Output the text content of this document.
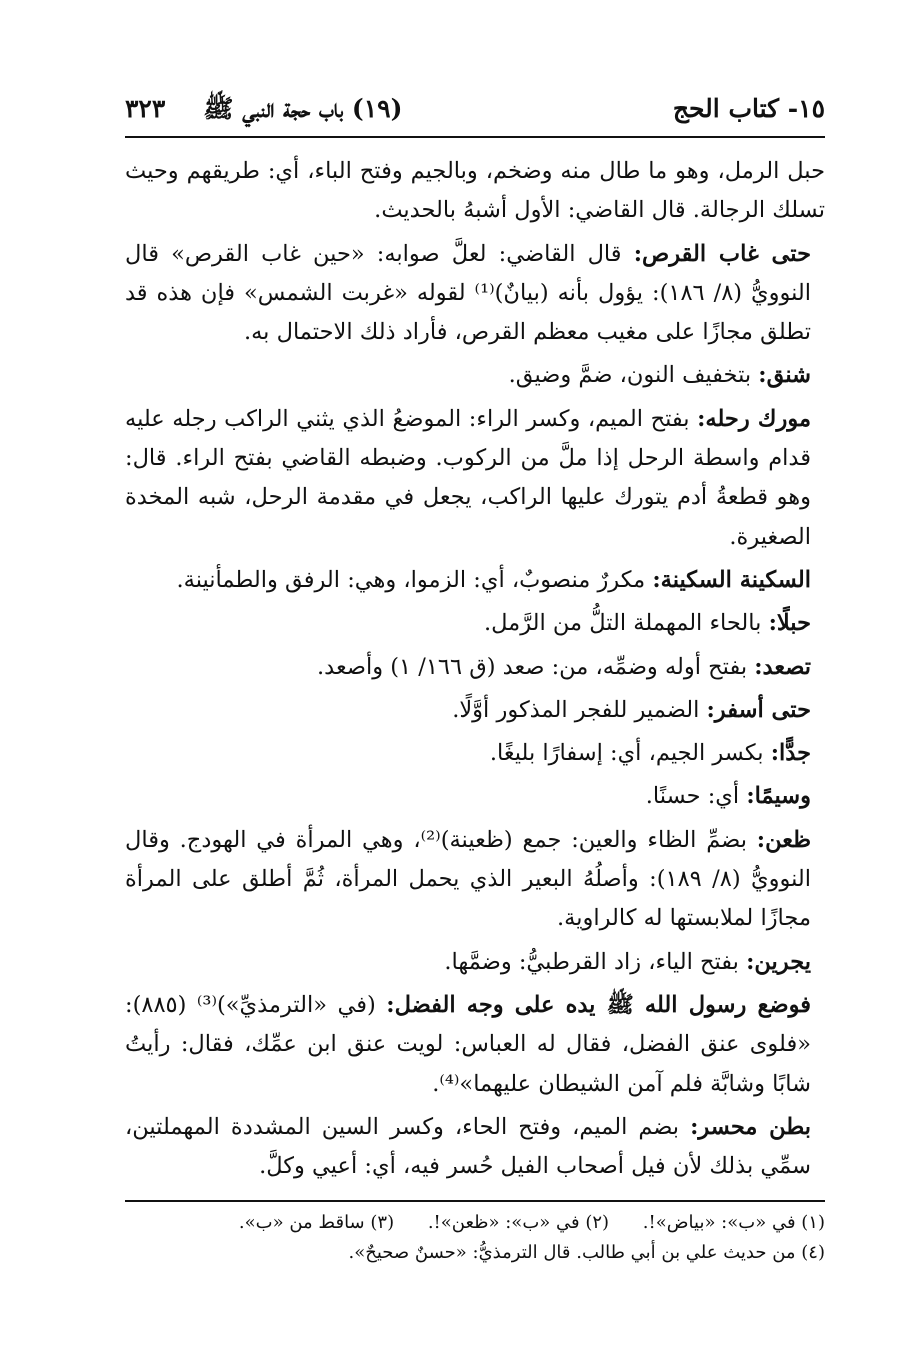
١٥- كتاب الحج
(١٩) باب حجة النبي ﷺ
٣٢٣

حبل الرمل، وهو ما طال منه وضخم، وبالجيم وفتح الباء، أي: طريقهم وحيث تسلك الرجالة. قال القاضي: الأول أشبهُ بالحديث.

حتى غاب القرص: قال القاضي: لعلَّ صوابه: «حين غاب القرص» قال النوويُّ (٨/ ١٨٦): يؤول بأنه (بيانٌ)⁽¹⁾ لقوله «غربت الشمس» فإن هذه قد تطلق مجازًا على مغيب معظم القرص، فأراد ذلك الاحتمال به.

شنق: بتخفيف النون، ضمَّ وضيق.

مورك رحله: بفتح الميم، وكسر الراء: الموضعُ الذي يثني الراكب رجله عليه قدام واسطة الرحل إذا ملَّ من الركوب. وضبطه القاضي بفتح الراء. قال: وهو قطعةُ أدم يتورك عليها الراكب، يجعل في مقدمة الرحل، شبه المخدة الصغيرة.

السكينة السكينة: مكررٌ منصوبٌ، أي: الزموا، وهي: الرفق والطمأنينة.

حبلًا: بالحاء المهملة التلُّ من الرَّمل.

تصعد: بفتح أوله وضمِّه، من: صعد (ق ١٦٦/ ١) وأصعد.

حتى أسفر: الضمير للفجر المذكور أوَّلًا.

جدًّا: بكسر الجيم، أي: إسفارًا بليغًا.

وسيمًا: أي: حسنًا.

ظعن: بضمِّ الظاء والعين: جمع (ظعينة)⁽²⁾، وهي المرأة في الهودج. وقال النوويُّ (٨/ ١٨٩): وأصلُهُ البعير الذي يحمل المرأة، ثُمَّ أطلق على المرأة مجازًا لملابستها له كالراوية.

يجرين: بفتح الياء، زاد القرطبيُّ: وضمَّها.

فوضع رسول الله ﷺ يده على وجه الفضل: (في «الترمذيِّ»)⁽³⁾ (٨٨٥): «فلوى عنق الفضل، فقال له العباس: لويت عنق ابن عمِّك، فقال: رأيتُ شابًا وشابَّة فلم آمن الشيطان عليهما»⁽⁴⁾.

بطن محسر: بضم الميم، وفتح الحاء، وكسر السين المشددة المهملتين، سمِّي بذلك لأن فيل أصحاب الفيل حُسر فيه، أي: أعيي وكلَّ.

(١) في «ب»: «بياض»!. (٢) في «ب»: «ظعن»!. (٣) ساقط من «ب».

(٤) من حديث علي بن أبي طالب. قال الترمذيُّ: «حسنٌ صحيحٌ».
